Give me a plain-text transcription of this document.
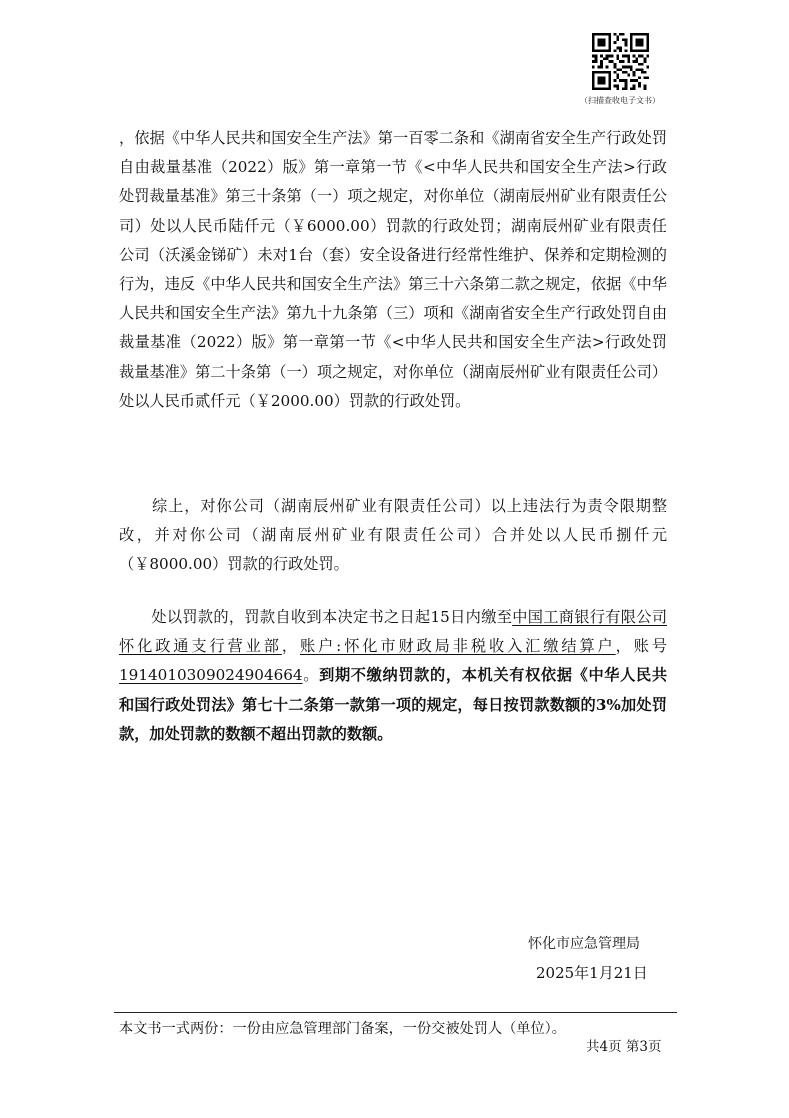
（扫描查收电子文书）
，依据《中华人民共和国安全生产法》第一百零二条和《湖南省安全生产行政处罚自由裁量基准（2022）版》第一章第一节《<中华人民共和国安全生产法>行政处罚裁量基准》第三十条第（一）项之规定，对你单位（湖南辰州矿业有限责任公司）处以人民币陆仟元（￥6000.00）罚款的行政处罚；湖南辰州矿业有限责任公司（沃溪金锑矿）未对1台（套）安全设备进行经常性维护、保养和定期检测的行为，违反《中华人民共和国安全生产法》第三十六条第二款之规定，依据《中华人民共和国安全生产法》第九十九条第（三）项和《湖南省安全生产行政处罚自由裁量基准（2022）版》第一章第一节《<中华人民共和国安全生产法>行政处罚裁量基准》第二十条第（一）项之规定，对你单位（湖南辰州矿业有限责任公司）处以人民币贰仟元（￥2000.00）罚款的行政处罚。
综上，对你公司（湖南辰州矿业有限责任公司）以上违法行为责令限期整改，并对你公司（湖南辰州矿业有限责任公司）合并处以人民币捌仟元（￥8000.00）罚款的行政处罚。
处以罚款的，罚款自收到本决定书之日起15日内缴至中国工商银行有限公司怀化政通支行营业部，账户:怀化市财政局非税收入汇缴结算户，账号1914010309024904664。到期不缴纳罚款的，本机关有权依据《中华人民共和国行政处罚法》第七十二条第一款第一项的规定，每日按罚款数额的3%加处罚款，加处罚款的数额不超出罚款的数额。
怀化市应急管理局
2025年1月21日
本文书一式两份：一份由应急管理部门备案，一份交被处罚人（单位）。
共4页 第3页
